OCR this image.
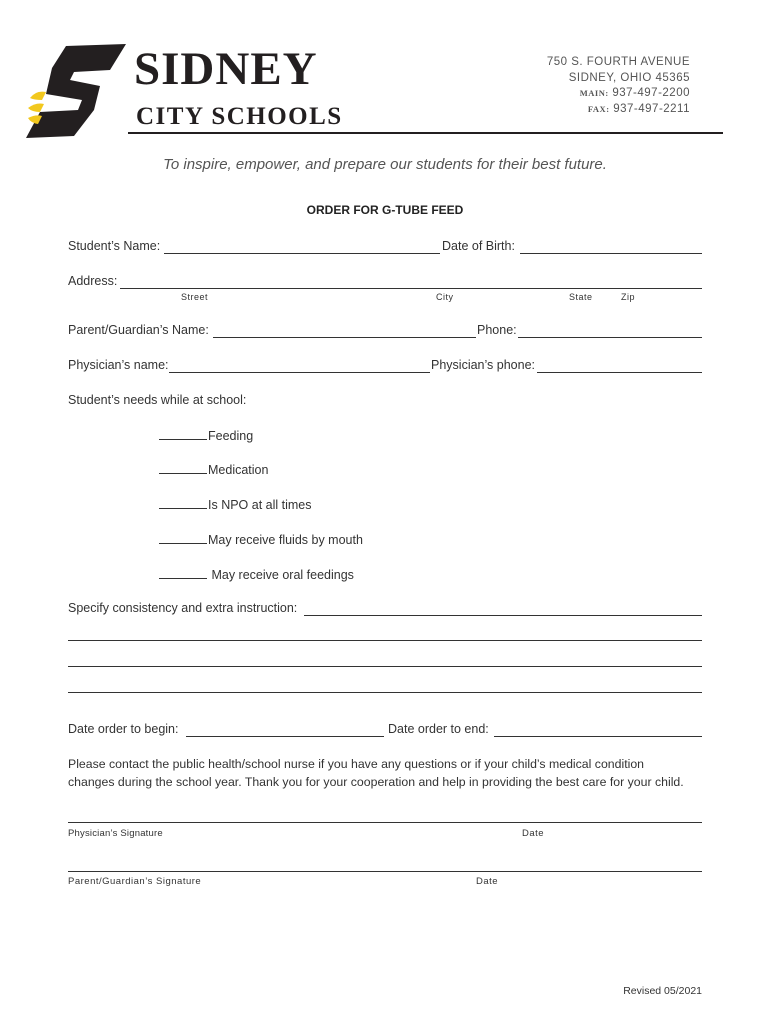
SIDNEY
CITY SCHOOLS
750 S. FOURTH AVENUE
SIDNEY, OHIO 45365
MAIN: 937-497-2200
FAX: 937-497-2211
To inspire, empower, and prepare our students for their best future.
ORDER FOR G-TUBE FEED
Student’s Name:	Date of Birth:
Address:
Street	City	State	Zip
Parent/Guardian’s Name:	Phone:
Physician’s name:	Physician’s phone:
Student’s needs while at school:
Feeding
Medication
Is NPO at all times
May receive fluids by mouth
May receive oral feedings
Specify consistency and extra instruction:
Date order to begin:	Date order to end:
Please contact the public health/school nurse if you have any questions or if your child’s medical condition
changes during the school year. Thank you for your cooperation and help in providing the best care for your child.
Physician’s Signature	Date
Parent/Guardian’s Signature	Date
Revised 05/2021
